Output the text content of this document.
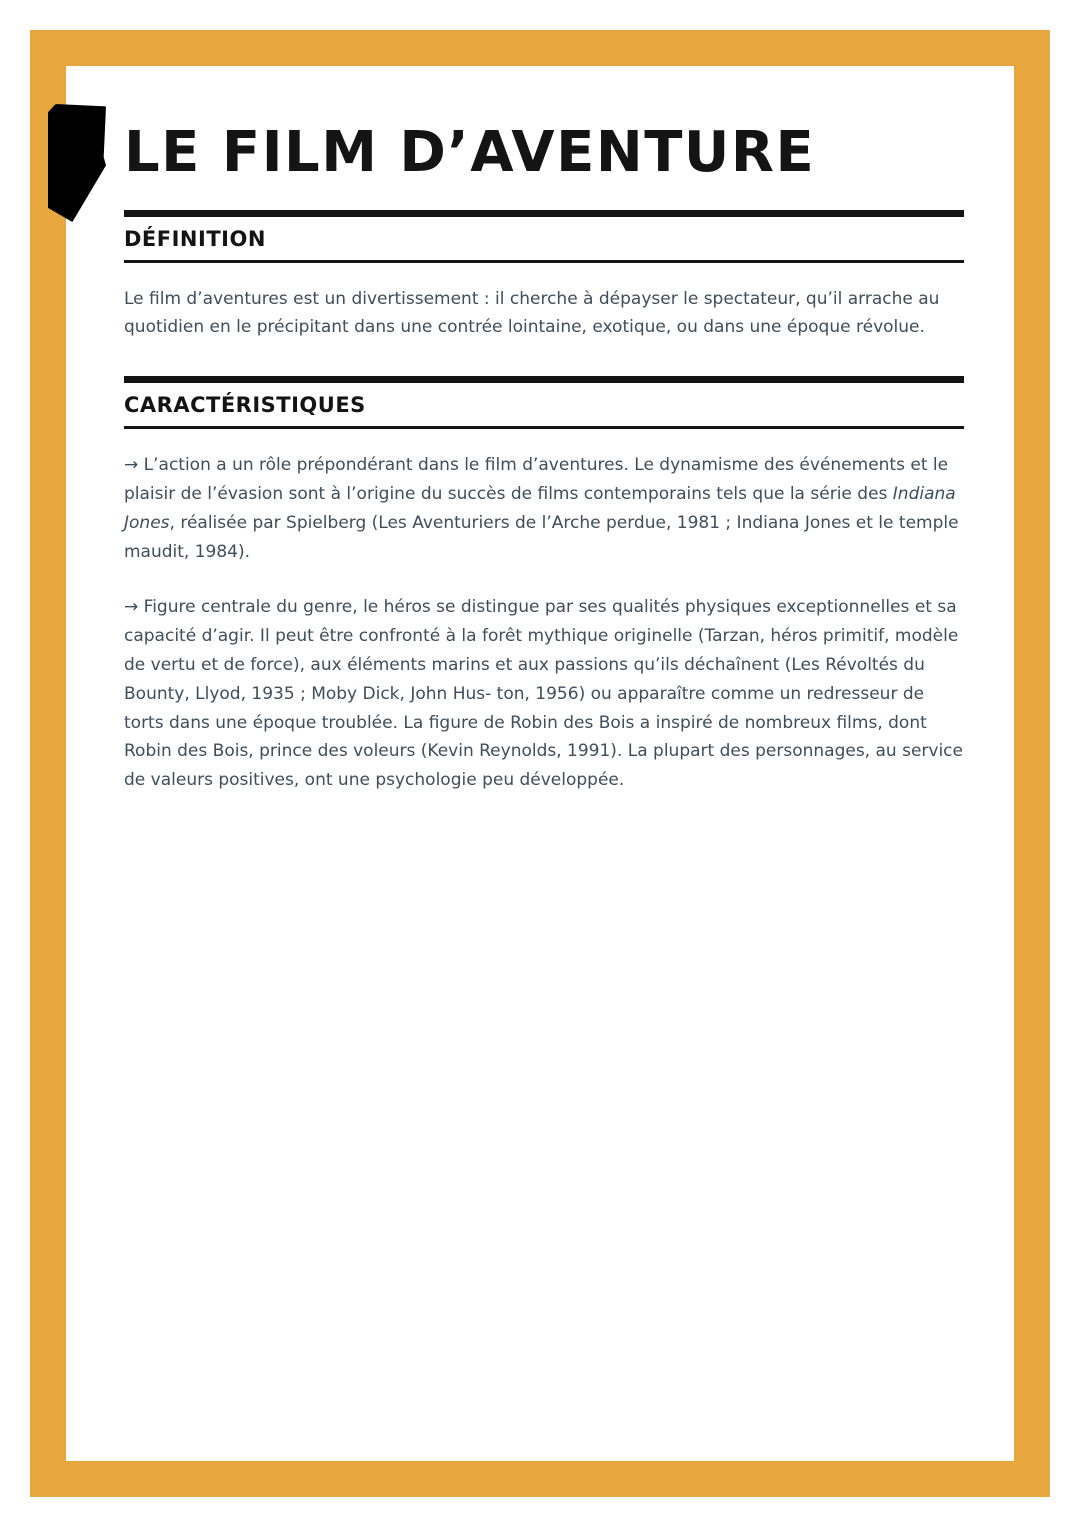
LE FILM D’AVENTURE
DÉFINITION

Le film d’aventures est un divertissement : il cherche à dépayser le spectateur, qu’il arrache au quotidien en le précipitant dans une contrée lointaine, exotique, ou dans une époque révolue.

CARACTÉRISTIQUES

→ L’action a un rôle prépondérant dans le film d’aventures. Le dynamisme des événements et le plaisir de l’évasion sont à l’origine du succès de films contemporains tels que la série des Indiana Jones, réalisée par Spielberg (Les Aventuriers de l’Arche perdue, 1981 ; Indiana Jones et le temple maudit, 1984).

→ Figure centrale du genre, le héros se distingue par ses qualités physiques exceptionnelles et sa capacité d’agir. Il peut être confronté à la forêt mythique originelle (Tarzan, héros primitif, modèle de vertu et de force), aux éléments marins et aux passions qu’ils déchaînent (Les Révoltés du Bounty, Llyod, 1935 ; Moby Dick, John Hus- ton, 1956) ou apparaître comme un redresseur de torts dans une époque troublée. La figure de Robin des Bois a inspiré de nombreux films, dont Robin des Bois, prince des voleurs (Kevin Reynolds, 1991). La plupart des personnages, au service de valeurs positives, ont une psychologie peu développée.
